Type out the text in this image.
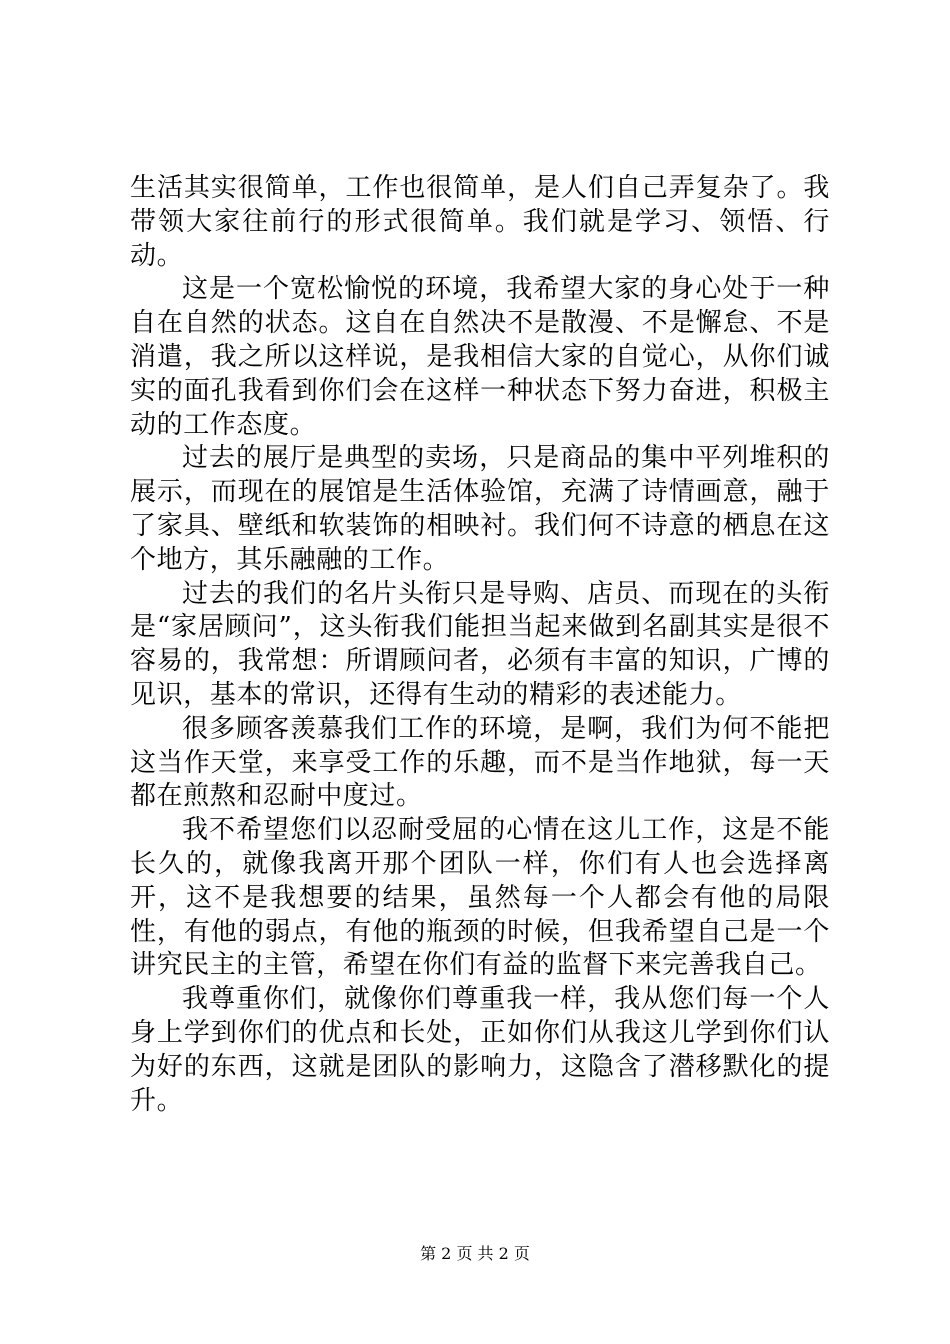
生活其实很简单，工作也很简单，是人们自己弄复杂了。我带领大家往前行的形式很简单。我们就是学习、领悟、行动。

这是一个宽松愉悦的环境，我希望大家的身心处于一种自在自然的状态。这自在自然决不是散漫、不是懈怠、不是消遣，我之所以这样说，是我相信大家的自觉心，从你们诚实的面孔我看到你们会在这样一种状态下努力奋进，积极主动的工作态度。

过去的展厅是典型的卖场，只是商品的集中平列堆积的展示，而现在的展馆是生活体验馆，充满了诗情画意，融于了家具、壁纸和软装饰的相映衬。我们何不诗意的栖息在这个地方，其乐融融的工作。

过去的我们的名片头衔只是导购、店员、而现在的头衔是“家居顾问”，这头衔我们能担当起来做到名副其实是很不容易的，我常想：所谓顾问者，必须有丰富的知识，广博的见识，基本的常识，还得有生动的精彩的表述能力。

很多顾客羡慕我们工作的环境，是啊，我们为何不能把这当作天堂，来享受工作的乐趣，而不是当作地狱，每一天都在煎熬和忍耐中度过。

我不希望您们以忍耐受屈的心情在这儿工作，这是不能长久的，就像我离开那个团队一样，你们有人也会选择离开，这不是我想要的结果，虽然每一个人都会有他的局限性，有他的弱点，有他的瓶颈的时候，但我希望自己是一个讲究民主的主管，希望在你们有益的监督下来完善我自己。

我尊重你们，就像你们尊重我一样，我从您们每一个人身上学到你们的优点和长处，正如你们从我这儿学到你们认为好的东西，这就是团队的影响力，这隐含了潜移默化的提升。

第 2 页 共 2 页
